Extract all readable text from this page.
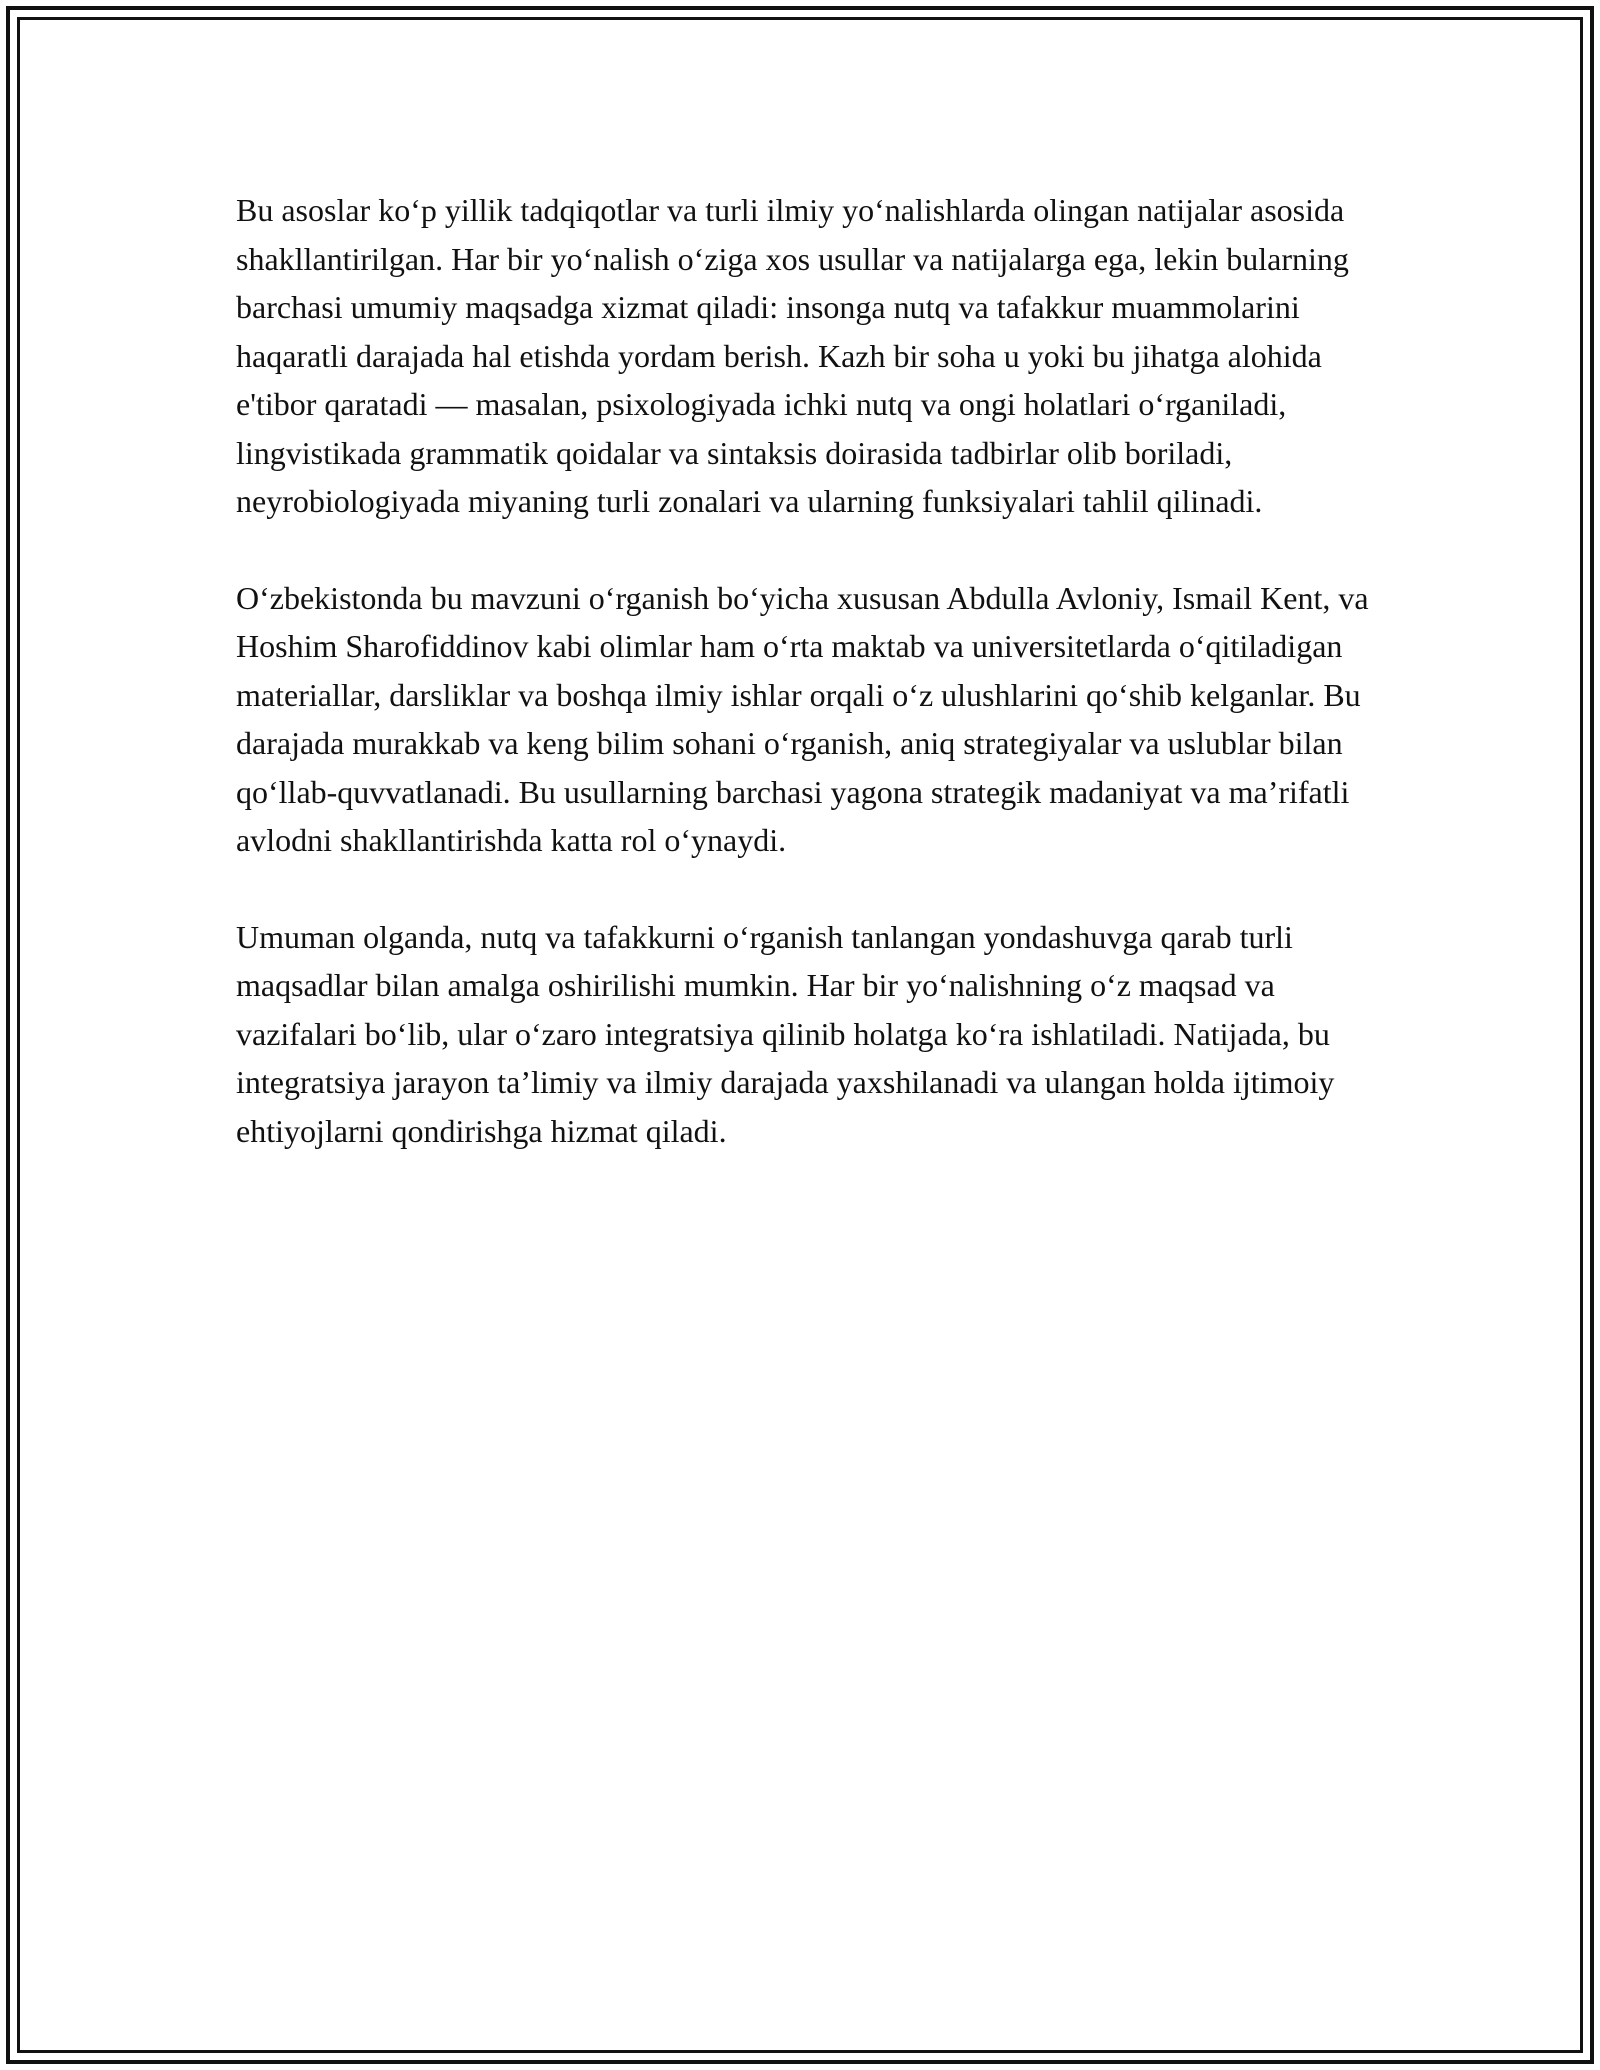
Bu asoslar koʻp yillik tadqiqotlar va turli ilmiy yoʻnalishlarda olingan natijalar asosida shakllantirilgan. Har bir yoʻnalish oʻziga xos usullar va natijalarga ega, lekin bularning barchasi umumiy maqsadga xizmat qiladi: insonga nutq va tafakkur muammolarini haqaratli darajada hal etishda yordam berish. Kazh bir soha u yoki bu jihatga alohida e'tibor qaratadi — masalan, psixologiyada ichki nutq va ongi holatlari oʻrganiladi, lingvistikada grammatik qoidalar va sintaksis doirasida tadbirlar olib boriladi, neyrobiologiyada miyaning turli zonalari va ularning funksiyalari tahlil qilinadi.

Oʻzbekistonda bu mavzuni oʻrganish boʻyicha xususan Abdulla Avloniy, Ismail Kent, va Hoshim Sharofiddinov kabi olimlar ham oʻrta maktab va universitetlarda oʻqitiladigan materiallar, darsliklar va boshqa ilmiy ishlar orqali oʻz ulushlarini qoʻshib kelganlar. Bu darajada murakkab va keng bilim sohani oʻrganish, aniq strategiyalar va uslublar bilan qoʻllab-quvvatlanadi. Bu usullarning barchasi yagona strategik madaniyat va ma’rifatli avlodni shakllantirishda katta rol oʻynaydi.

Umuman olganda, nutq va tafakkurni oʻrganish tanlangan yondashuvga qarab turli maqsadlar bilan amalga oshirilishi mumkin. Har bir yoʻnalishning oʻz maqsad va vazifalari boʻlib, ular oʻzaro integratsiya qilinib holatga koʻra ishlatiladi. Natijada, bu integratsiya jarayon ta’limiy va ilmiy darajada yaxshilanadi va ulangan holda ijtimoiy ehtiyojlarni qondirishga hizmat qiladi.
